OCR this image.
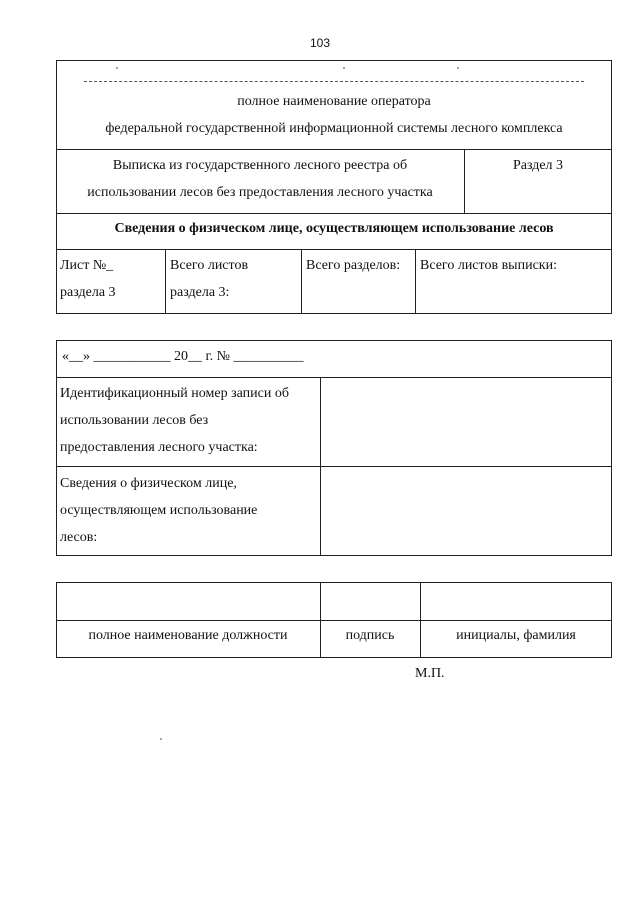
103
полное наименование оператора
федеральной государственной информационной системы лесного комплекса
Выписка из государственного лесного реестра об
использовании лесов без предоставления лесного участка
Раздел 3
Сведения о физическом лице, осуществляющем использование лесов
Лист №_
раздела 3
Всего листов
раздела 3:
Всего разделов: Всего листов выписки:
«__» ___________ 20__ г. № __________
Идентификационный номер записи об
использовании лесов без
предоставления лесного участка:
Сведения о физическом лице,
осуществляющем использование
лесов:
полное наименование должности	подпись	инициалы, фамилия
М.П.
